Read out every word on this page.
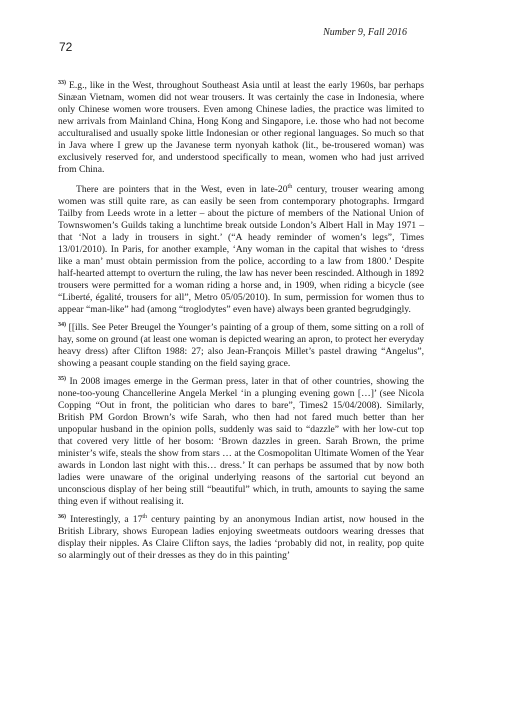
Number 9, Fall 2016
72

$^{33)}$ E.g., like in the West, throughout Southeast Asia until at least the early 1960s, bar perhaps Sinæan Vietnam, women did not wear trousers. It was certainly the case in Indonesia, where only Chinese women wore trousers. Even among Chinese ladies, the practice was limited to new arrivals from Mainland China, Hong Kong and Singapore, i.e. those who had not become acculturalised and usually spoke little Indonesian or other regional languages. So much so that in Java where I grew up the Javanese term nyonyah kathok (lit., be-trousered woman) was exclusively reserved for, and understood specifically to mean, women who had just arrived from China.

There are pointers that in the West, even in late-20th century, trouser wearing among women was still quite rare, as can easily be seen from contemporary photographs. Irmgard Tailby from Leeds wrote in a letter – about the picture of members of the National Union of Townswomen’s Guilds taking a lunchtime break outside London’s Albert Hall in May 1971 – that ‘Not a lady in trousers in sight.’ (“A heady reminder of women’s legs”, Times 13/01/2010). In Paris, for another example, ‘Any woman in the capital that wishes to ‘dress like a man’ must obtain permission from the police, according to a law from 1800.’ Despite half-hearted attempt to overturn the ruling, the law has never been rescinded. Although in 1892 trousers were permitted for a woman riding a horse and, in 1909, when riding a bicycle (see “Liberté, égalité, trousers for all”, Metro 05/05/2010). In sum, permission for women thus to appear “man-like” had (among “troglodytes” even have) always been granted begrudgingly.

$^{34)}$ [[ills. See Peter Breugel the Younger’s painting of a group of them, some sitting on a roll of hay, some on ground (at least one woman is depicted wearing an apron, to protect her everyday heavy dress) after Clifton 1988: 27; also Jean-François Millet’s pastel drawing “Angelus”, showing a peasant couple standing on the field saying grace.

$^{35)}$ In 2008 images emerge in the German press, later in that of other countries, showing the none-too-young Chancellerine Angela Merkel ‘in a plunging evening gown […]’ (see Nicola Copping “Out in front, the politician who dares to bare”, Times2 15/04/2008). Similarly, British PM Gordon Brown’s wife Sarah, who then had not fared much better than her unpopular husband in the opinion polls, suddenly was said to “dazzle” with her low-cut top that covered very little of her bosom: ‘Brown dazzles in green. Sarah Brown, the prime minister’s wife, steals the show from stars … at the Cosmopolitan Ultimate Women of the Year awards in London last night with this… dress.’ It can perhaps be assumed that by now both ladies were unaware of the original underlying reasons of the sartorial cut beyond an unconscious display of her being still “beautiful” which, in truth, amounts to saying the same thing even if without realising it.

$^{36)}$ Interestingly, a 17th century painting by an anonymous Indian artist, now housed in the British Library, shows European ladies enjoying sweetmeats outdoors wearing dresses that display their nipples. As Claire Clifton says, the ladies ‘probably did not, in reality, pop quite so alarmingly out of their dresses as they do in this painting’
